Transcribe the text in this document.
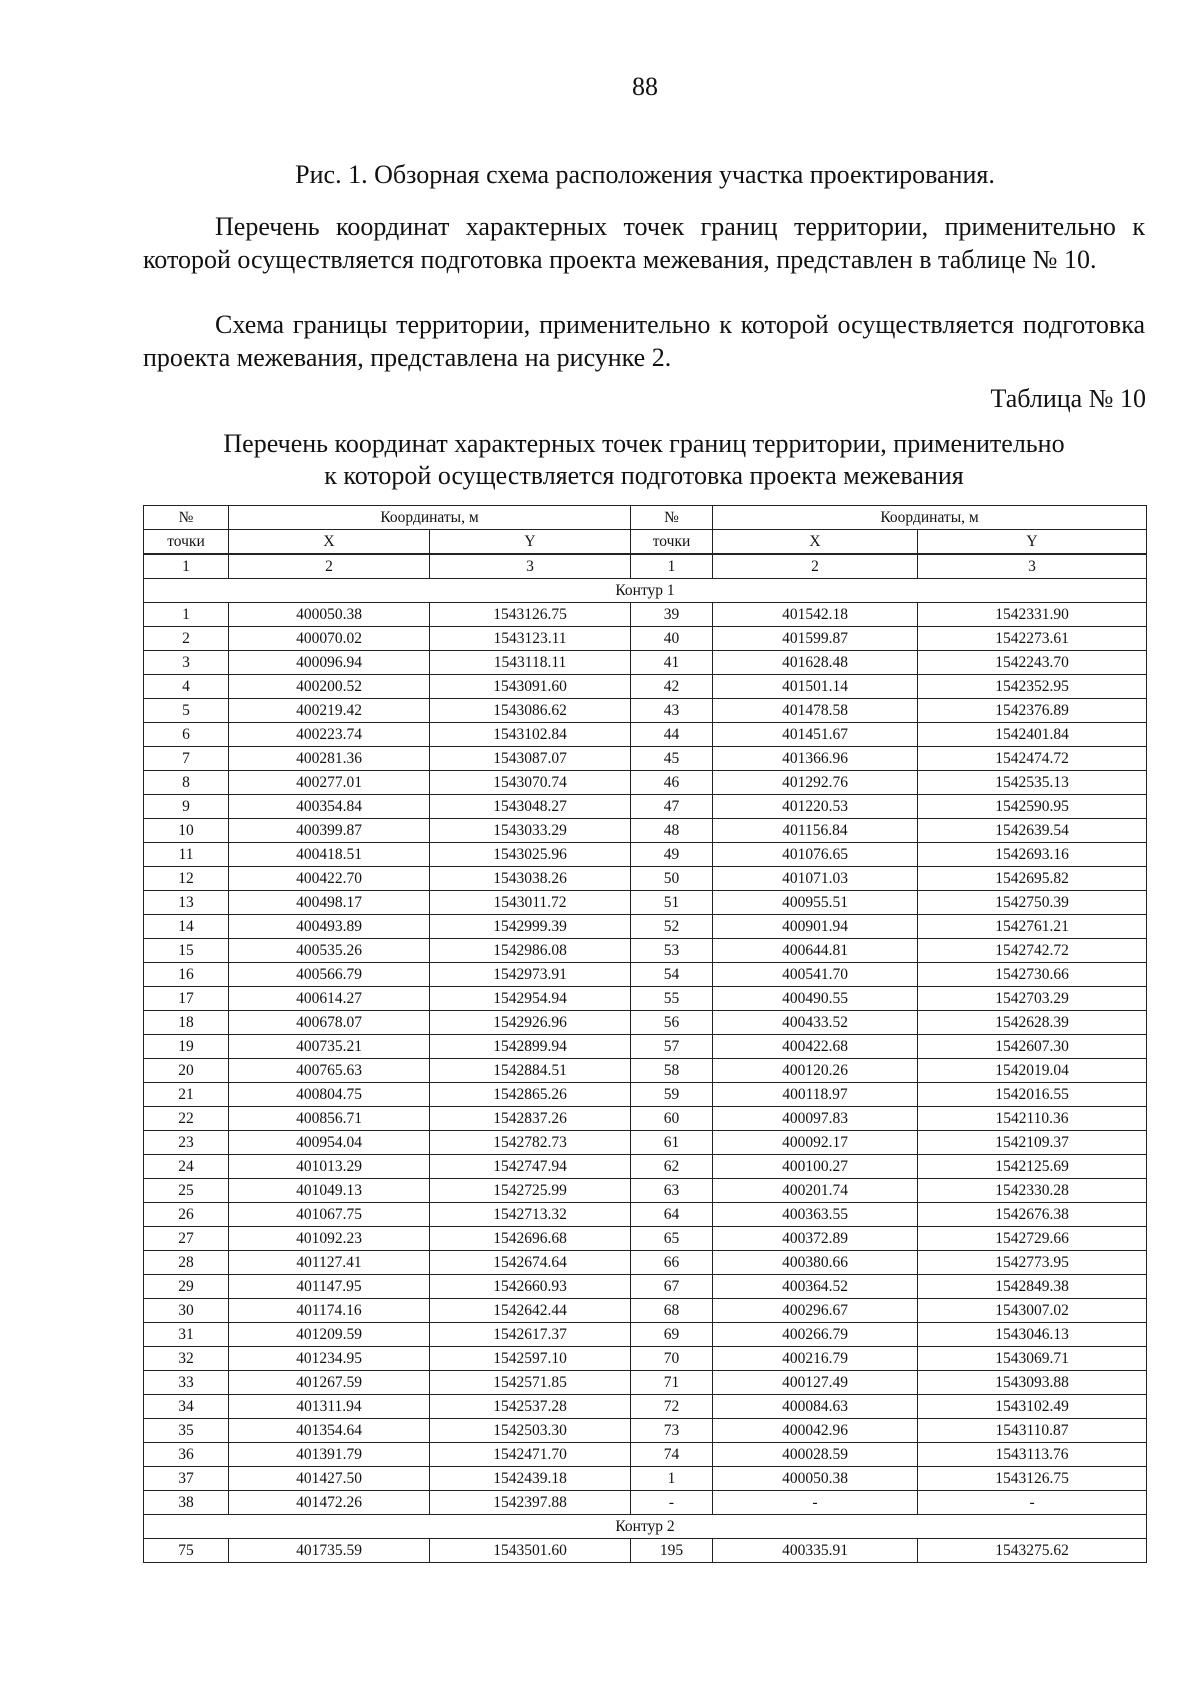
88
Рис. 1. Обзорная схема расположения участка проектирования.

Перечень координат характерных точек границ территории, применительно к которой осуществляется подготовка проекта межевания, представлен в таблице № 10.

Схема границы территории, применительно к которой осуществляется подготовка проекта межевания, представлена на рисунке 2.

Таблица № 10
Перечень координат характерных точек границ территории, применительно
к которой осуществляется подготовка проекта межевания
№	Координаты, м		№	Координаты, м	
точки	X	Y	точки	X	Y
1	2	3	1	2	3
Контур 1					
1	400050.38	1543126.75	39	401542.18	1542331.90
2	400070.02	1543123.11	40	401599.87	1542273.61
3	400096.94	1543118.11	41	401628.48	1542243.70
4	400200.52	1543091.60	42	401501.14	1542352.95
5	400219.42	1543086.62	43	401478.58	1542376.89
6	400223.74	1543102.84	44	401451.67	1542401.84
7	400281.36	1543087.07	45	401366.96	1542474.72
8	400277.01	1543070.74	46	401292.76	1542535.13
9	400354.84	1543048.27	47	401220.53	1542590.95
10	400399.87	1543033.29	48	401156.84	1542639.54
11	400418.51	1543025.96	49	401076.65	1542693.16
12	400422.70	1543038.26	50	401071.03	1542695.82
13	400498.17	1543011.72	51	400955.51	1542750.39
14	400493.89	1542999.39	52	400901.94	1542761.21
15	400535.26	1542986.08	53	400644.81	1542742.72
16	400566.79	1542973.91	54	400541.70	1542730.66
17	400614.27	1542954.94	55	400490.55	1542703.29
18	400678.07	1542926.96	56	400433.52	1542628.39
19	400735.21	1542899.94	57	400422.68	1542607.30
20	400765.63	1542884.51	58	400120.26	1542019.04
21	400804.75	1542865.26	59	400118.97	1542016.55
22	400856.71	1542837.26	60	400097.83	1542110.36
23	400954.04	1542782.73	61	400092.17	1542109.37
24	401013.29	1542747.94	62	400100.27	1542125.69
25	401049.13	1542725.99	63	400201.74	1542330.28
26	401067.75	1542713.32	64	400363.55	1542676.38
27	401092.23	1542696.68	65	400372.89	1542729.66
28	401127.41	1542674.64	66	400380.66	1542773.95
29	401147.95	1542660.93	67	400364.52	1542849.38
30	401174.16	1542642.44	68	400296.67	1543007.02
31	401209.59	1542617.37	69	400266.79	1543046.13
32	401234.95	1542597.10	70	400216.79	1543069.71
33	401267.59	1542571.85	71	400127.49	1543093.88
34	401311.94	1542537.28	72	400084.63	1543102.49
35	401354.64	1542503.30	73	400042.96	1543110.87
36	401391.79	1542471.70	74	400028.59	1543113.76
37	401427.50	1542439.18	1	400050.38	1543126.75
38	401472.26	1542397.88	-	-	-
Контур 2					
75	401735.59	1543501.60	195	400335.91	1543275.62
